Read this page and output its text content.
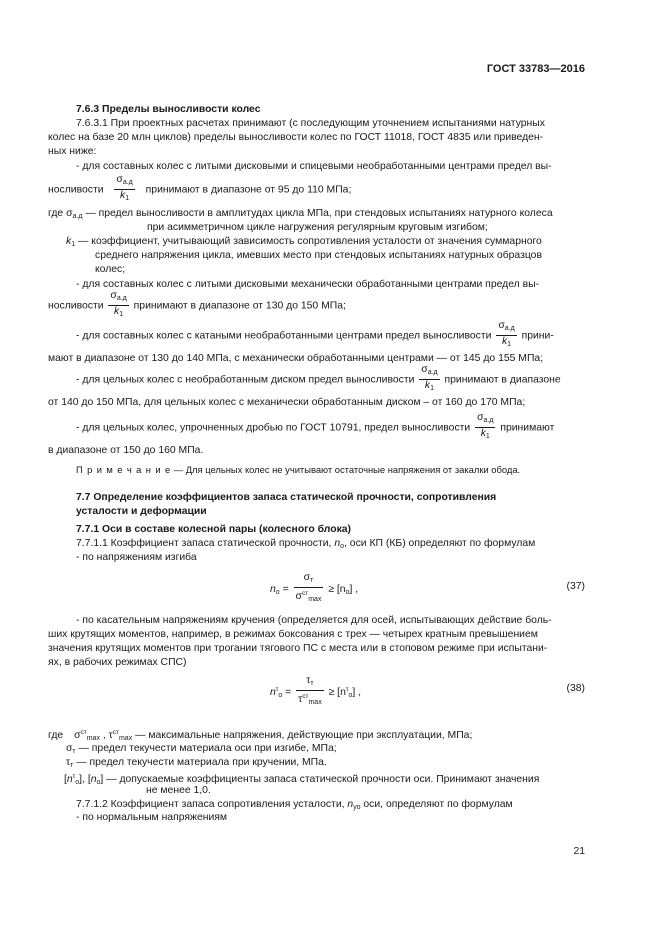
ГОСТ 33783—2016
7.6.3 Пределы выносливости колес
7.6.3.1 При проектных расчетах принимают (с последующим уточнением испытаниями натурных
колес на базе 20 млн циклов) пределы выносливости колес по ГОСТ 11018, ГОСТ 4835 или приведен-
ных ниже:
- для составных колес с литыми дисковыми и спицевыми необработанными центрами предел вы-
носливости $\frac{\sigma_{а.д}}{k_1}$ принимают в диапазоне от 95 до 110 МПа;
где $\sigma_{а.д}$ — предел выносливости в амплитудах цикла МПа, при стендовых испытаниях натурного колеса
при асимметричном цикле нагружения регулярным круговым изгибом;
$k_1$ — коэффициент, учитывающий зависимость сопротивления усталости от значения суммарного
среднего напряжения цикла, имевших место при стендовых испытаниях натурных образцов
колес;
- для составных колес с литыми дисковыми механически обработанными центрами предел вы-
носливости $\frac{\sigma_{а.д}}{k_1}$ принимают в диапазоне от 130 до 150 МПа;
- для составных колес с катаными необработанными центрами предел выносливости $\frac{\sigma_{а.д}}{k_1}$ прини-
мают в диапазоне от 130 до 140 МПа, с механически обработанными центрами — от 145 до 155 МПа;
- для цельных колес с необработанным диском предел выносливости $\frac{\sigma_{а.д}}{k_1}$ принимают в диапазоне
от 140 до 150 МПа, для цельных колес с механически обработанным диском – от 160 до 170 МПа;
- для цельных колес, упрочненных дробью по ГОСТ 10791, предел выносливости $\frac{\sigma_{а.д}}{k_1}$ принимают
в диапазоне от 150 до 160 МПа.
П р и м е ч а н и е — Для цельных колес не учитывают остаточные напряжения от закалки обода.
7.7 Определение коэффициентов запаса статической прочности, сопротивления
усталости и деформации
7.7.1 Оси в составе колесной пары (колесного блока)
7.7.1.1 Коэффициент запаса статической прочности, $n_о$, оси КП (КБ) определяют по формулам
- по напряжениям изгиба
$n_о = \frac{\sigma_т}{\sigma^{ст}_{max}} \ge [n_о]$ ,	(37)
- по касательным напряжениям кручения (определяется для осей, испытывающих действие боль-
ших крутящих моментов, например, в режимах боксования с трех — четырех кратным превышением
значения крутящих моментов при трогании тягового ПС с места или в стоповом режиме при испытани-
ях, в рабочих режимах СПС)
$n^\tau_о = \frac{\tau_т}{\tau^{ст}_{max}} \ge [n^\tau_о]$ ,	(38)
где $\sigma^{ст}_{max}$ , $\tau^{ст}_{max}$ — максимальные напряжения, действующие при эксплуатации, МПа;
$\sigma_т$ — предел текучести материала оси при изгибе, МПа;
$\tau_т$ — предел текучести материала при кручении, МПа.
$[n^\tau_о]$, $[n_о]$ — допускаемые коэффициенты запаса статической прочности оси. Принимают значения
не менее 1,0.
7.7.1.2 Коэффициент запаса сопротивления усталости, $n_{уо}$ оси, определяют по формулам
- по нормальным напряжениям
21
